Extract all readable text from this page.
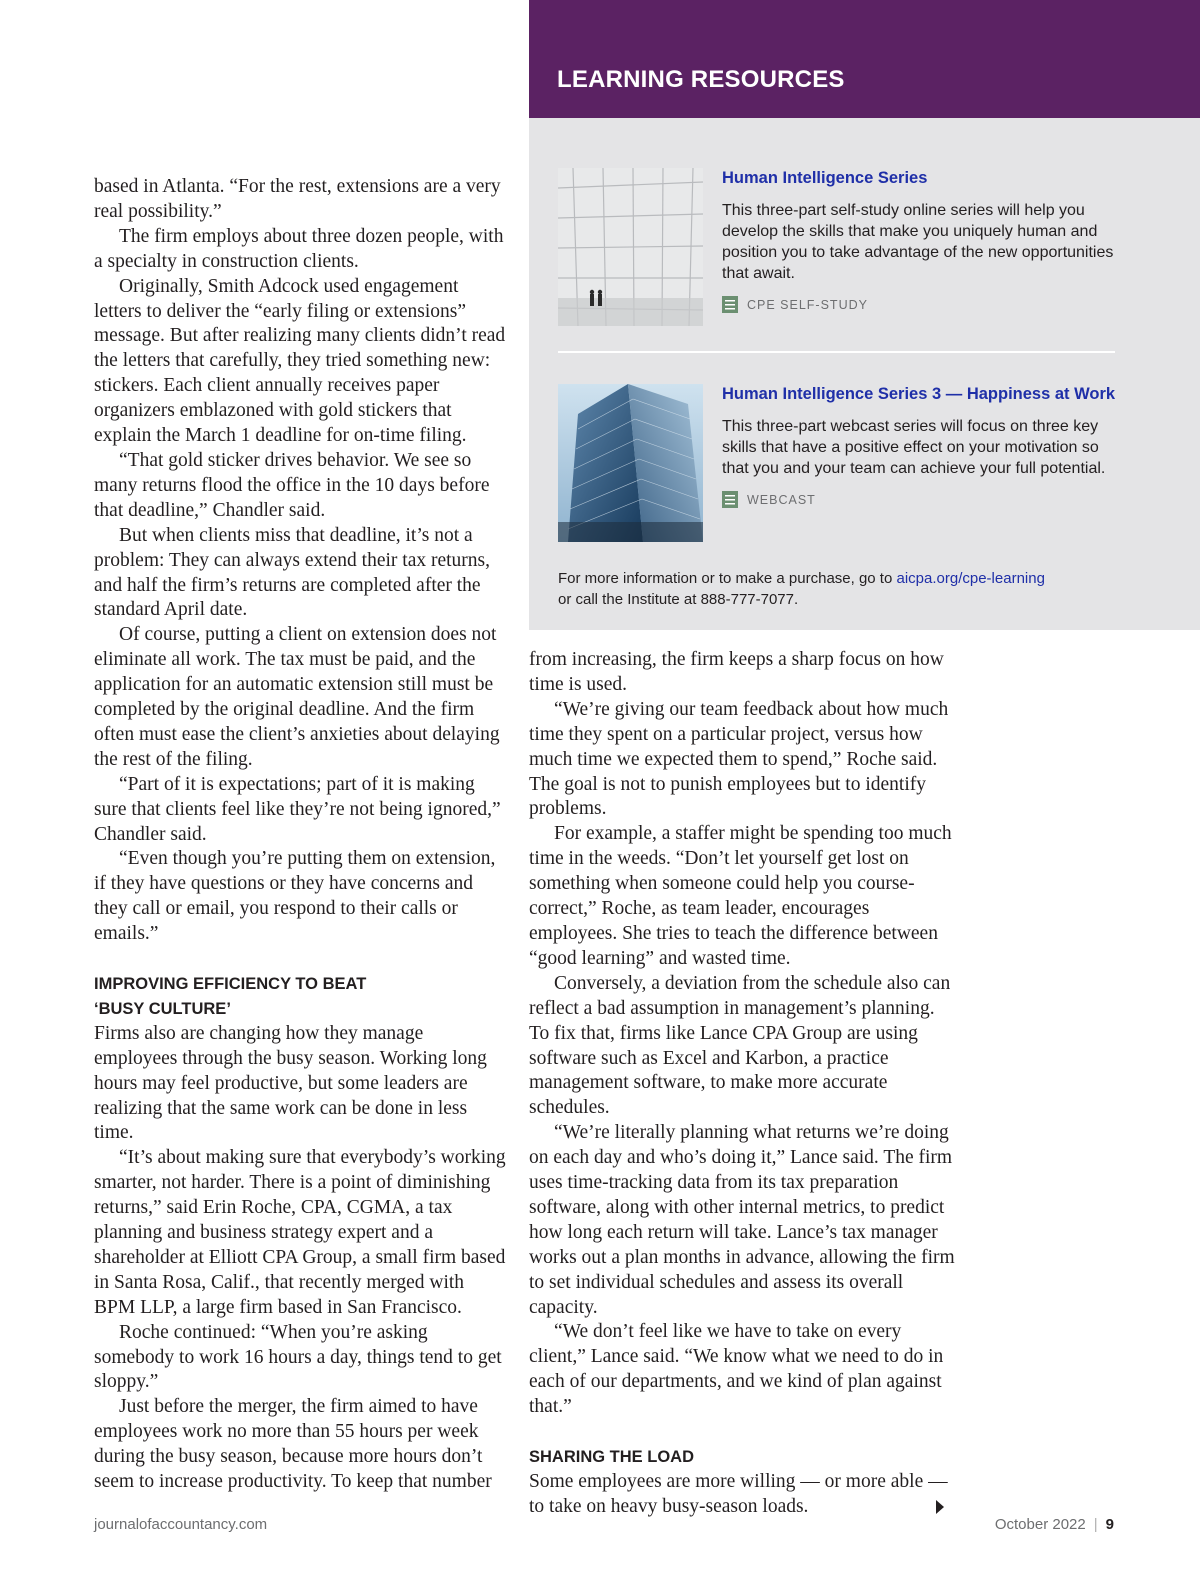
LEARNING RESOURCES
Human Intelligence Series
This three-part self-study online series will help you develop the skills that make you uniquely human and position you to take advantage of the new opportunities that await.
CPE SELF-STUDY
Human Intelligence Series 3 — Happiness at Work
This three-part webcast series will focus on three key skills that have a positive effect on your motivation so that you and your team can achieve your full potential.
WEBCAST
For more information or to make a purchase, go to aicpa.org/cpe-learning
or call the Institute at 888-777-7077.

based in Atlanta. “For the rest, extensions are a very real possibility.”

The firm employs about three dozen people, with a specialty in construction clients.

Originally, Smith Adcock used engagement letters to deliver the “early filing or extensions” message. But after realizing many clients didn’t read the letters that carefully, they tried something new: stickers. Each client annually receives paper organizers emblazoned with gold stickers that explain the March 1 deadline for on-time filing.

“That gold sticker drives behavior. We see so many returns flood the office in the 10 days before that deadline,” Chandler said.

But when clients miss that deadline, it’s not a problem: They can always extend their tax returns, and half the firm’s returns are completed after the standard April date.

Of course, putting a client on extension does not eliminate all work. The tax must be paid, and the application for an automatic extension still must be completed by the original deadline. And the firm often must ease the client’s anxieties about delaying the rest of the filing.

“Part of it is expectations; part of it is making sure that clients feel like they’re not being ignored,” Chandler said.

“Even though you’re putting them on extension, if they have questions or they have concerns and they call or email, you respond to their calls or emails.”

IMPROVING EFFICIENCY TO BEAT
‘BUSY CULTURE’

Firms also are changing how they manage employees through the busy season. Working long hours may feel productive, but some leaders are realizing that the same work can be done in less time.

“It’s about making sure that everybody’s working smarter, not harder. There is a point of diminishing returns,” said Erin Roche, CPA, CGMA, a tax planning and business strategy expert and a shareholder at Elliott CPA Group, a small firm based in Santa Rosa, Calif., that recently merged with BPM LLP, a large firm based in San Francisco.

Roche continued: “When you’re asking somebody to work 16 hours a day, things tend to get sloppy.”

Just before the merger, the firm aimed to have employees work no more than 55 hours per week during the busy season, because more hours don’t seem to increase productivity. To keep that number

from increasing, the firm keeps a sharp focus on how time is used.

“We’re giving our team feedback about how much time they spent on a particular project, versus how much time we expected them to spend,” Roche said. The goal is not to punish employees but to identify problems.

For example, a staffer might be spending too much time in the weeds. “Don’t let yourself get lost on something when someone could help you course-correct,” Roche, as team leader, encourages employees. She tries to teach the difference between “good learning” and wasted time.

Conversely, a deviation from the schedule also can reflect a bad assumption in management’s planning. To fix that, firms like Lance CPA Group are using software such as Excel and Karbon, a practice management software, to make more accurate schedules.

“We’re literally planning what returns we’re doing on each day and who’s doing it,” Lance said. The firm uses time-tracking data from its tax preparation software, along with other internal metrics, to predict how long each return will take. Lance’s tax manager works out a plan months in advance, allowing the firm to set individual schedules and assess its overall capacity.

“We don’t feel like we have to take on every client,” Lance said. “We know what we need to do in each of our departments, and we kind of plan against that.”

SHARING THE LOAD

Some employees are more willing — or more able — to take on heavy busy-season loads.

journalofaccountancy.com	October 2022 | 9
